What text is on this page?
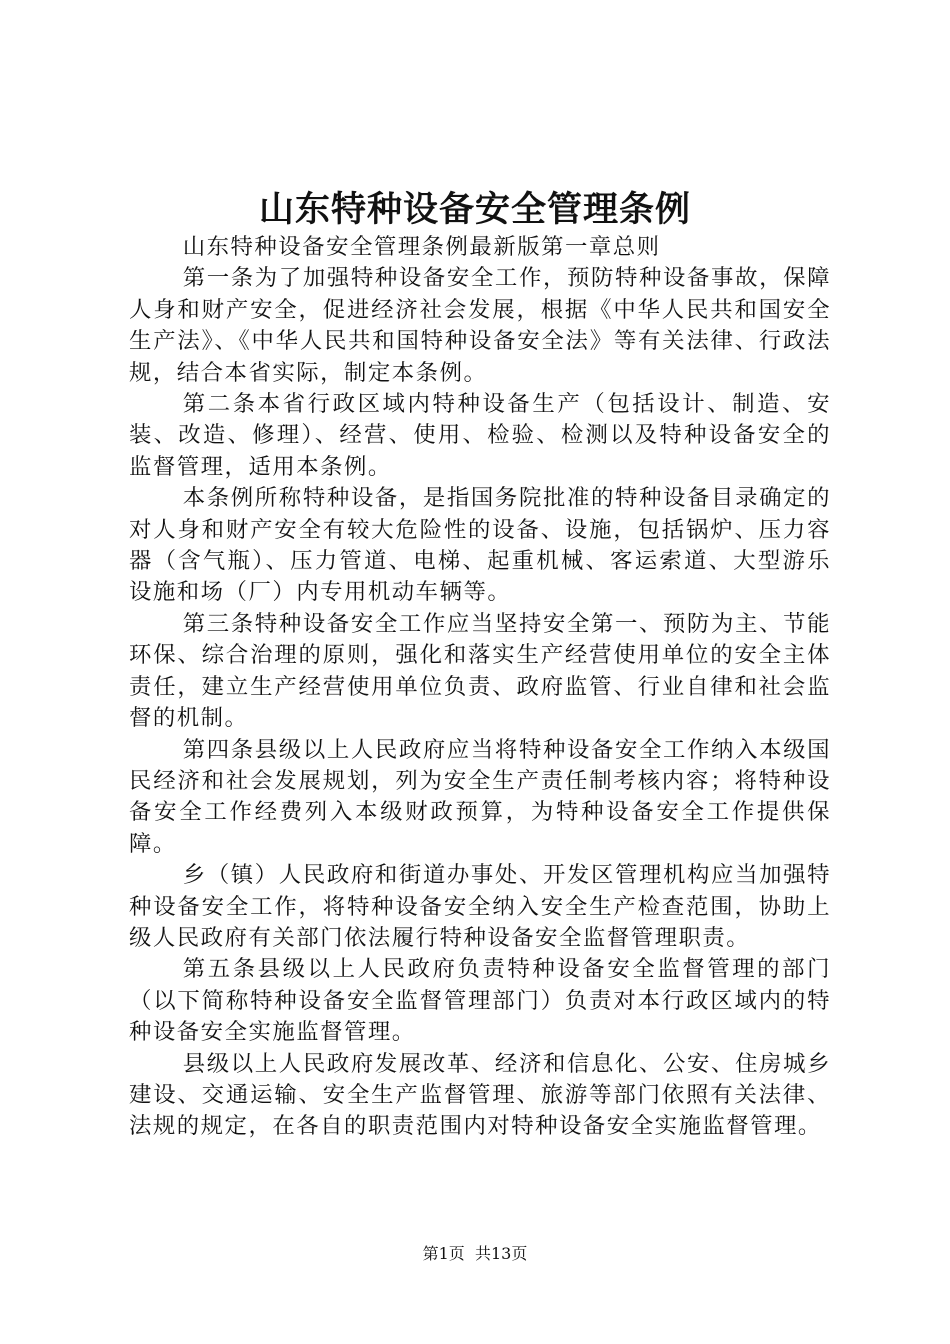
山东特种设备安全管理条例

山东特种设备安全管理条例最新版第一章总则

第一条为了加强特种设备安全工作，预防特种设备事故，保障人身和财产安全，促进经济社会发展，根据《中华人民共和国安全生产法》、《中华人民共和国特种设备安全法》等有关法律、行政法规，结合本省实际，制定本条例。

第二条本省行政区域内特种设备生产（包括设计、制造、安装、改造、修理）、经营、使用、检验、检测以及特种设备安全的监督管理，适用本条例。

本条例所称特种设备，是指国务院批准的特种设备目录确定的对人身和财产安全有较大危险性的设备、设施，包括锅炉、压力容器（含气瓶）、压力管道、电梯、起重机械、客运索道、大型游乐设施和场（厂）内专用机动车辆等。

第三条特种设备安全工作应当坚持安全第一、预防为主、节能环保、综合治理的原则，强化和落实生产经营使用单位的安全主体责任，建立生产经营使用单位负责、政府监管、行业自律和社会监督的机制。

第四条县级以上人民政府应当将特种设备安全工作纳入本级国民经济和社会发展规划，列为安全生产责任制考核内容；将特种设备安全工作经费列入本级财政预算，为特种设备安全工作提供保障。

乡（镇）人民政府和街道办事处、开发区管理机构应当加强特种设备安全工作，将特种设备安全纳入安全生产检查范围，协助上级人民政府有关部门依法履行特种设备安全监督管理职责。

第五条县级以上人民政府负责特种设备安全监督管理的部门（以下简称特种设备安全监督管理部门）负责对本行政区域内的特种设备安全实施监督管理。

县级以上人民政府发展改革、经济和信息化、公安、住房城乡建设、交通运输、安全生产监督管理、旅游等部门依照有关法律、法规的规定，在各自的职责范围内对特种设备安全实施监督管理。

第1页 共13页
